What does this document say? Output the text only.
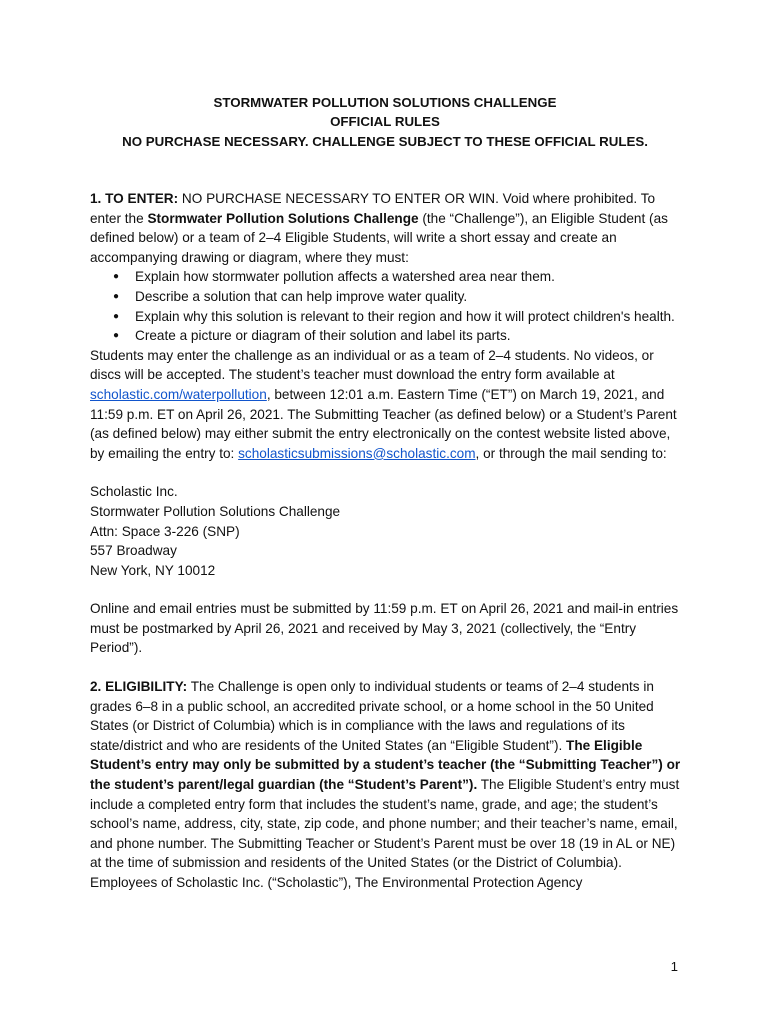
STORMWATER POLLUTION SOLUTIONS CHALLENGE
OFFICIAL RULES
NO PURCHASE NECESSARY. CHALLENGE SUBJECT TO THESE OFFICIAL RULES.

1. TO ENTER: NO PURCHASE NECESSARY TO ENTER OR WIN. Void where prohibited. To enter the Stormwater Pollution Solutions Challenge (the “Challenge”), an Eligible Student (as defined below) or a team of 2–4 Eligible Students, will write a short essay and create an accompanying drawing or diagram, where they must:

● Explain how stormwater pollution affects a watershed area near them.
● Describe a solution that can help improve water quality.
● Explain why this solution is relevant to their region and how it will protect children's health.
● Create a picture or diagram of their solution and label its parts.

Students may enter the challenge as an individual or as a team of 2–4 students. No videos, or discs will be accepted. The student’s teacher must download the entry form available at scholastic.com/waterpollution, between 12:01 a.m. Eastern Time (“ET”) on March 19, 2021, and 11:59 p.m. ET on April 26, 2021. The Submitting Teacher (as defined below) or a Student’s Parent (as defined below) may either submit the entry electronically on the contest website listed above, by emailing the entry to: scholasticsubmissions@scholastic.com, or through the mail sending to:

Scholastic Inc.
Stormwater Pollution Solutions Challenge
Attn: Space 3-226 (SNP)
557 Broadway
New York, NY 10012

Online and email entries must be submitted by 11:59 p.m. ET on April 26, 2021 and mail-in entries must be postmarked by April 26, 2021 and received by May 3, 2021 (collectively, the “Entry Period”).

2. ELIGIBILITY: The Challenge is open only to individual students or teams of 2–4 students in grades 6–8 in a public school, an accredited private school, or a home school in the 50 United States (or District of Columbia) which is in compliance with the laws and regulations of its state/district and who are residents of the United States (an “Eligible Student”). The Eligible Student’s entry may only be submitted by a student’s teacher (the “Submitting Teacher”) or the student’s parent/legal guardian (the “Student’s Parent”). The Eligible Student’s entry must include a completed entry form that includes the student’s name, grade, and age; the student’s school’s name, address, city, state, zip code, and phone number; and their teacher’s name, email, and phone number. The Submitting Teacher or Student’s Parent must be over 18 (19 in AL or NE) at the time of submission and residents of the United States (or the District of Columbia). Employees of Scholastic Inc. (“Scholastic”), The Environmental Protection Agency

1
